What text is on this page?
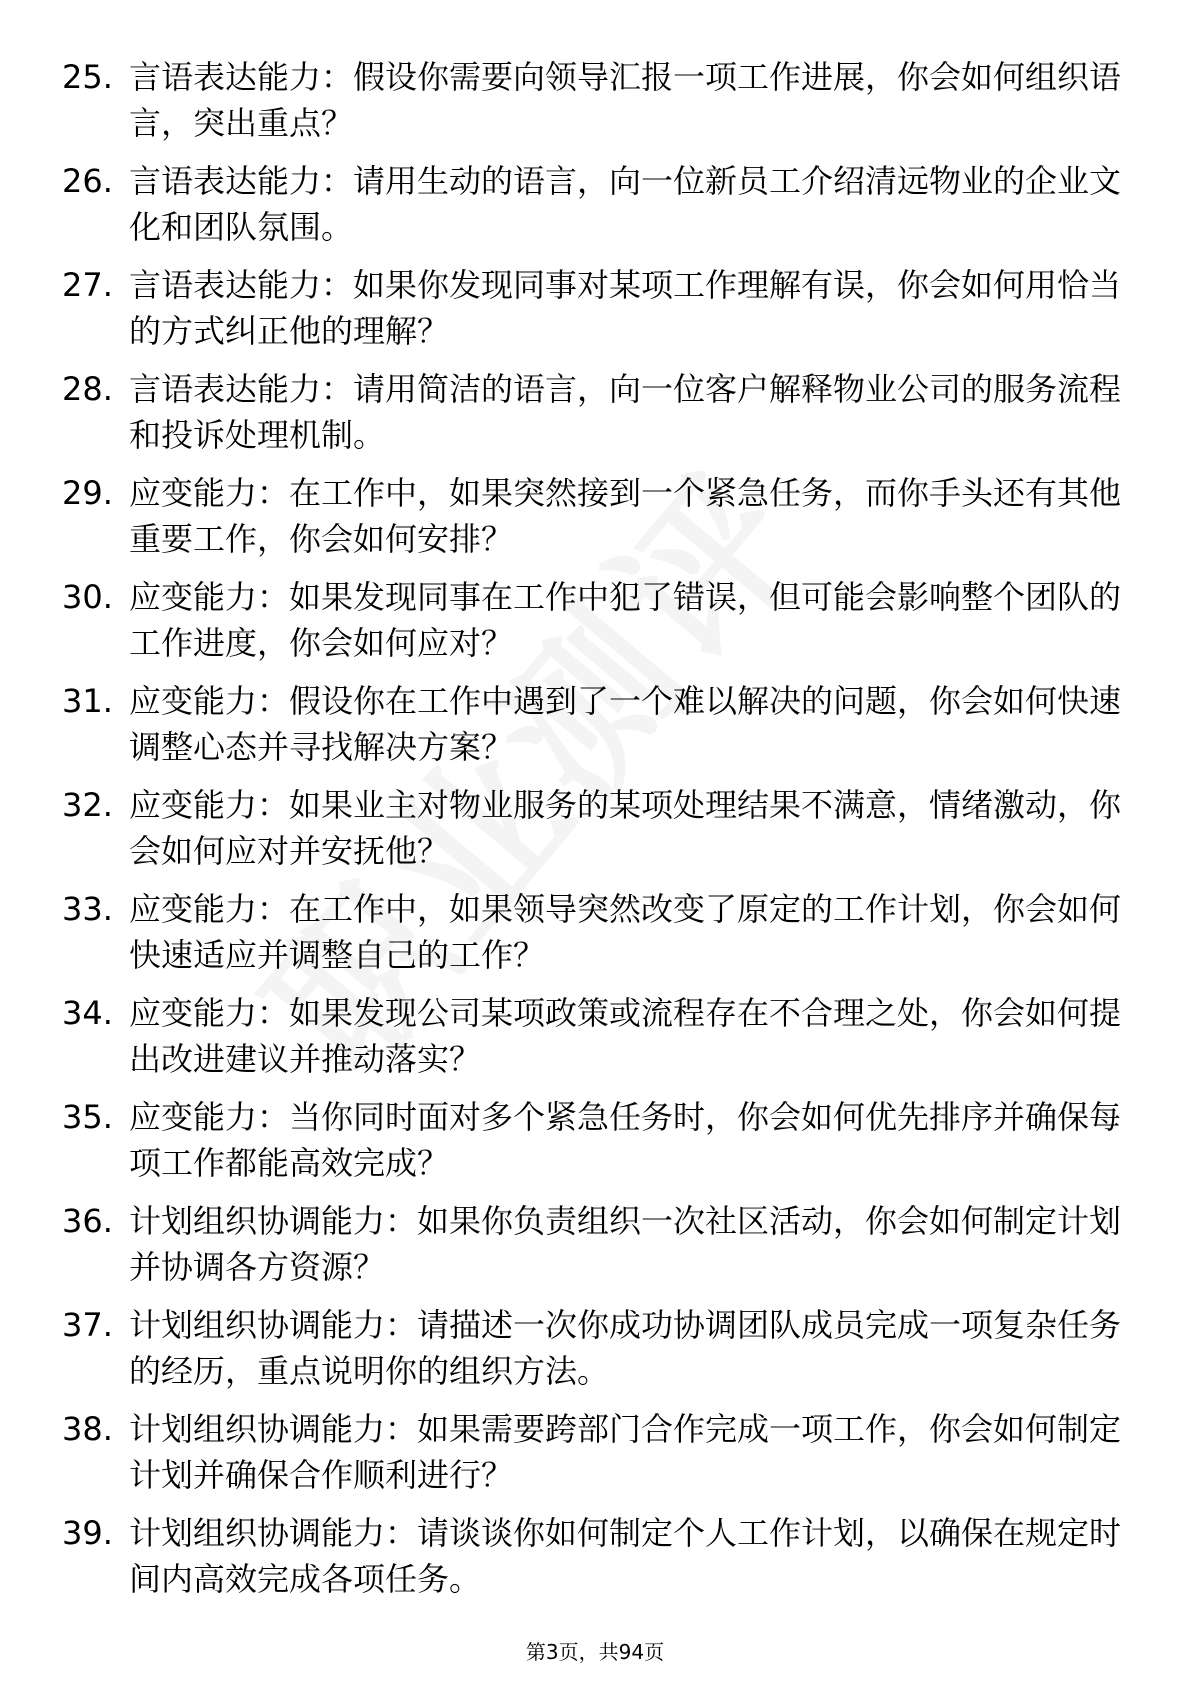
25. 言语表达能力：假设你需要向领导汇报一项工作进展，你会如何组织语言，突出重点？
26. 言语表达能力：请用生动的语言，向一位新员工介绍清远物业的企业文化和团队氛围。
27. 言语表达能力：如果你发现同事对某项工作理解有误，你会如何用恰当的方式纠正他的理解？
28. 言语表达能力：请用简洁的语言，向一位客户解释物业公司的服务流程和投诉处理机制。
29. 应变能力：在工作中，如果突然接到一个紧急任务，而你手头还有其他重要工作，你会如何安排？
30. 应变能力：如果发现同事在工作中犯了错误，但可能会影响整个团队的工作进度，你会如何应对？
31. 应变能力：假设你在工作中遇到了一个难以解决的问题，你会如何快速调整心态并寻找解决方案？
32. 应变能力：如果业主对物业服务的某项处理结果不满意，情绪激动，你会如何应对并安抚他？
33. 应变能力：在工作中，如果领导突然改变了原定的工作计划，你会如何快速适应并调整自己的工作？
34. 应变能力：如果发现公司某项政策或流程存在不合理之处，你会如何提出改进建议并推动落实？
35. 应变能力：当你同时面对多个紧急任务时，你会如何优先排序并确保每项工作都能高效完成？
36. 计划组织协调能力：如果你负责组织一次社区活动，你会如何制定计划并协调各方资源？
37. 计划组织协调能力：请描述一次你成功协调团队成员完成一项复杂任务的经历，重点说明你的组织方法。
38. 计划组织协调能力：如果需要跨部门合作完成一项工作，你会如何制定计划并确保合作顺利进行？
39. 计划组织协调能力：请谈谈你如何制定个人工作计划，以确保在规定时间内高效完成各项任务。
第3页，共94页
